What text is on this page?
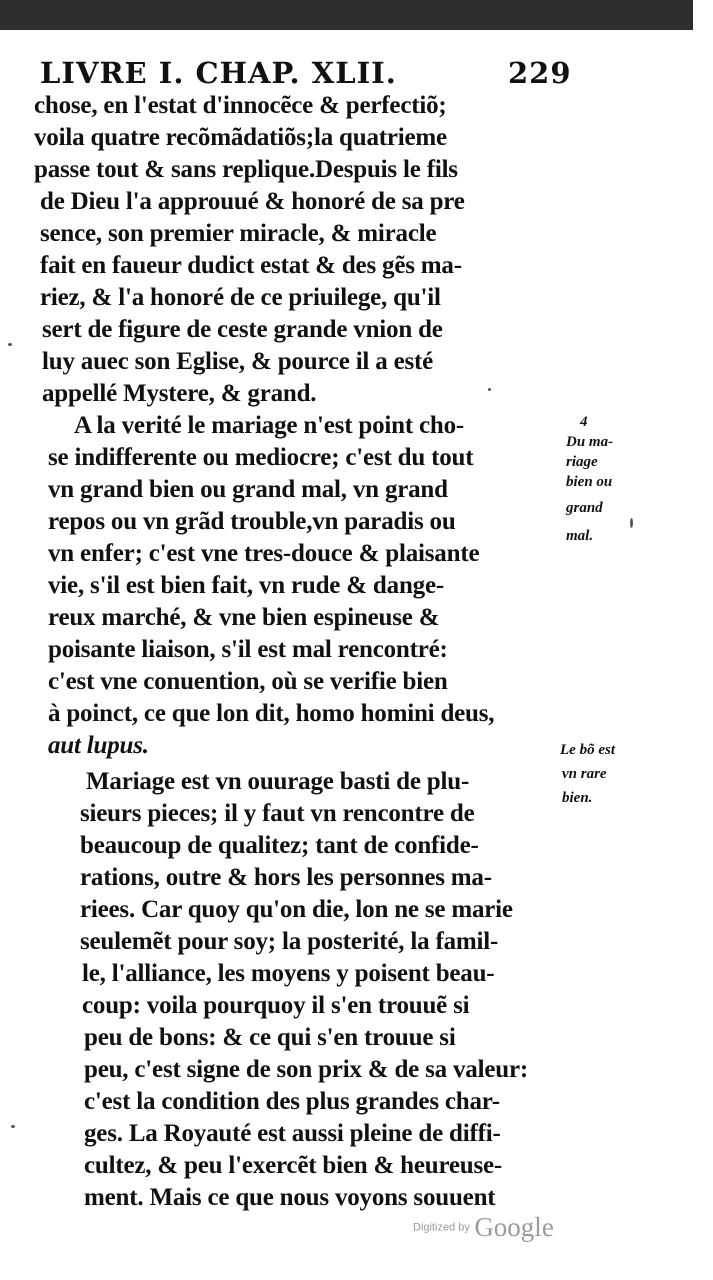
LIVRE I. CHAP. XLII.	229
chose, en l'estat d'innocẽce & perfectiõ;
voila quatre recõmãdatiõs;la quatrieme
passe tout & sans replique.Despuis le fils
de Dieu l'a approuué & honoré de sa pre
sence, son premier miracle, & miracle
fait en faueur dudict estat & des gẽs ma-
riez, & l'a honoré de ce priuilege, qu'il
sert de figure de ceste grande vnion de
luy auec son Eglise, & pource il a esté
appellé Mystere, & grand.
A la verité le mariage n'est point cho-
se indifferente ou mediocre; c'est du tout
vn grand bien ou grand mal, vn grand
repos ou vn grãd trouble,vn paradis ou
vn enfer; c'est vne tres-douce & plaisante
vie, s'il est bien fait, vn rude & dange-
reux marché, & vne bien espineuse &
poisante liaison, s'il est mal rencontré:
c'est vne conuention, où se verifie bien
à poinct, ce que lon dit, homo homini deus,
aut lupus.
Mariage est vn ouurage basti de plu-
sieurs pieces; il y faut vn rencontre de
beaucoup de qualitez; tant de confide-
rations, outre & hors les personnes ma-
riees. Car quoy qu'on die, lon ne se marie
seulemẽt pour soy; la posterité, la famil-
le, l'alliance, les moyens y poisent beau-
coup: voila pourquoy il s'en trouuẽ si
peu de bons: & ce qui s'en trouue si
peu, c'est signe de son prix & de sa valeur:
c'est la condition des plus grandes char-
ges. La Royauté est aussi pleine de diffi-
cultez, & peu l'exercẽt bien & heureuse-
ment. Mais ce que nous voyons souuent
4
Du ma-
riage
bien ou
grand
mal.
Le bõ est
vn rare
bien.
Digitized by Google
